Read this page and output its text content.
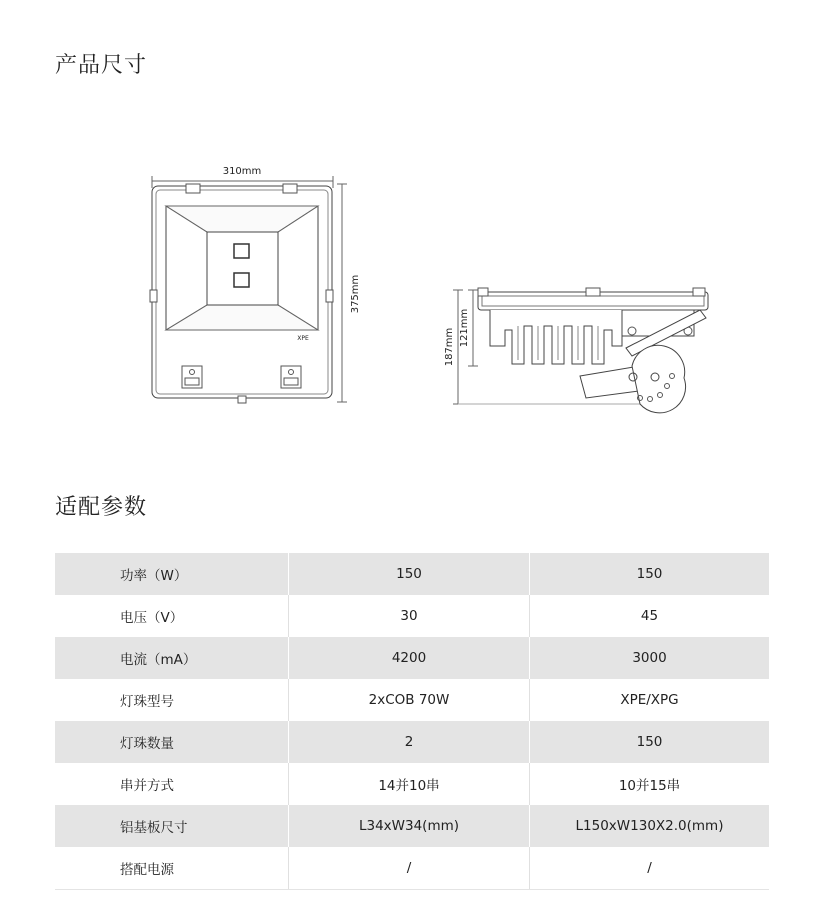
产品尺寸
310mm
375mm
XPE	187mm 121mm
适配参数
功率（W）	150	150
电压（V）	30	45
电流（mA）	4200	3000
灯珠型号	2xCOB 70W	XPE/XPG
灯珠数量	2	150
串并方式	14并10串	10并15串
铝基板尺寸	L34xW34(mm)	L150xW130X2.0(mm)
搭配电源	/	/
